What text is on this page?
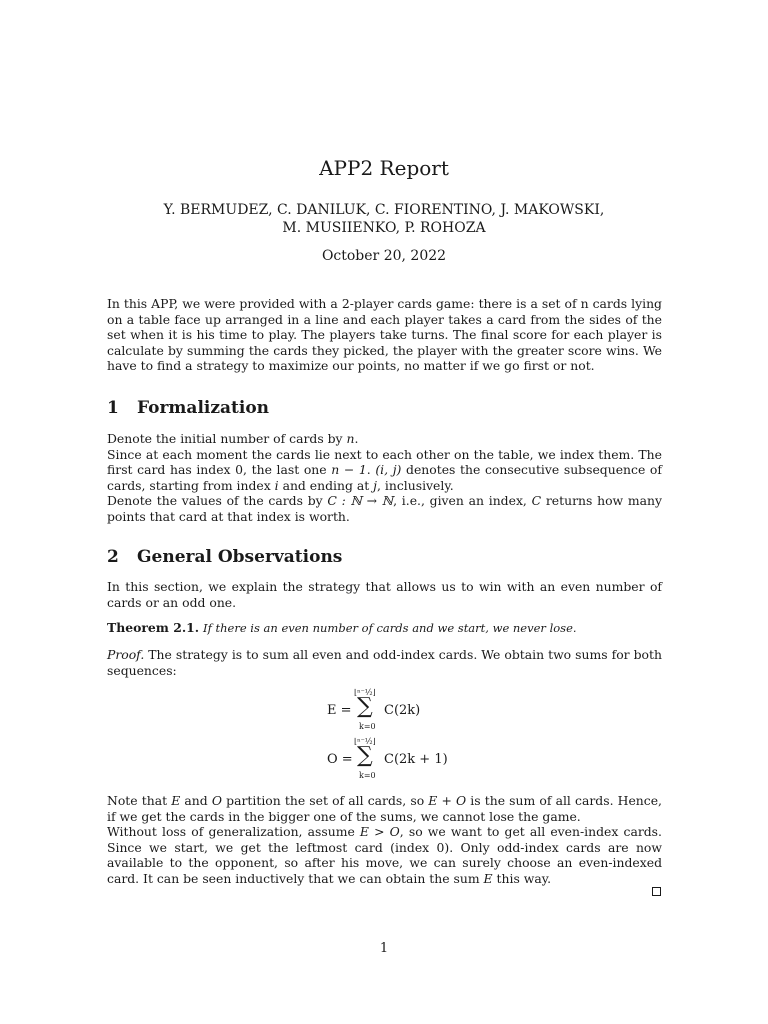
APP2 Report
Y. BERMUDEZ, C. DANILUK, C. FIORENTINO, J. MAKOWSKI,
M. MUSIIENKO, P. ROHOZA
October 20, 2022
In this APP, we were provided with a 2-player cards game: there is a set of n cards lying on a table face up arranged in a line and each player takes a card from the sides of the set when it is his time to play. The players take turns. The final score for each player is calculate by summing the cards they picked, the player with the greater score wins. We have to find a strategy to maximize our points, no matter if we go first or not.
1 Formalization
Denote the initial number of cards by n.
Since at each moment the cards lie next to each other on the table, we index them. The first card has index 0, the last one n − 1. (i, j) denotes the consecutive subsequence of cards, starting from index i and ending at j, inclusively.
Denote the values of the cards by C : ℕ → ℕ, i.e., given an index, C returns how many points that card at that index is worth.
2 General Observations
In this section, we explain the strategy that allows us to win with an even number of cards or an odd one.
Theorem 2.1. If there is an even number of cards and we start, we never lose.
Proof. The strategy is to sum all even and odd-index cards. We obtain two sums for both sequences:
E =
⌊ⁿ⁻¹⁄₂⌋
∑
k=0
C(2k)
O =
⌊ⁿ⁻¹⁄₂⌋
∑
k=0
C(2k + 1)
Note that E and O partition the set of all cards, so E + O is the sum of all cards. Hence, if we get the cards in the bigger one of the sums, we cannot lose the game.
Without loss of generalization, assume E > O, so we want to get all even-index cards. Since we start, we get the leftmost card (index 0). Only odd-index cards are now available to the opponent, so after his move, we can surely choose an even-indexed card. It can be seen inductively that we can obtain the sum E this way.
1
